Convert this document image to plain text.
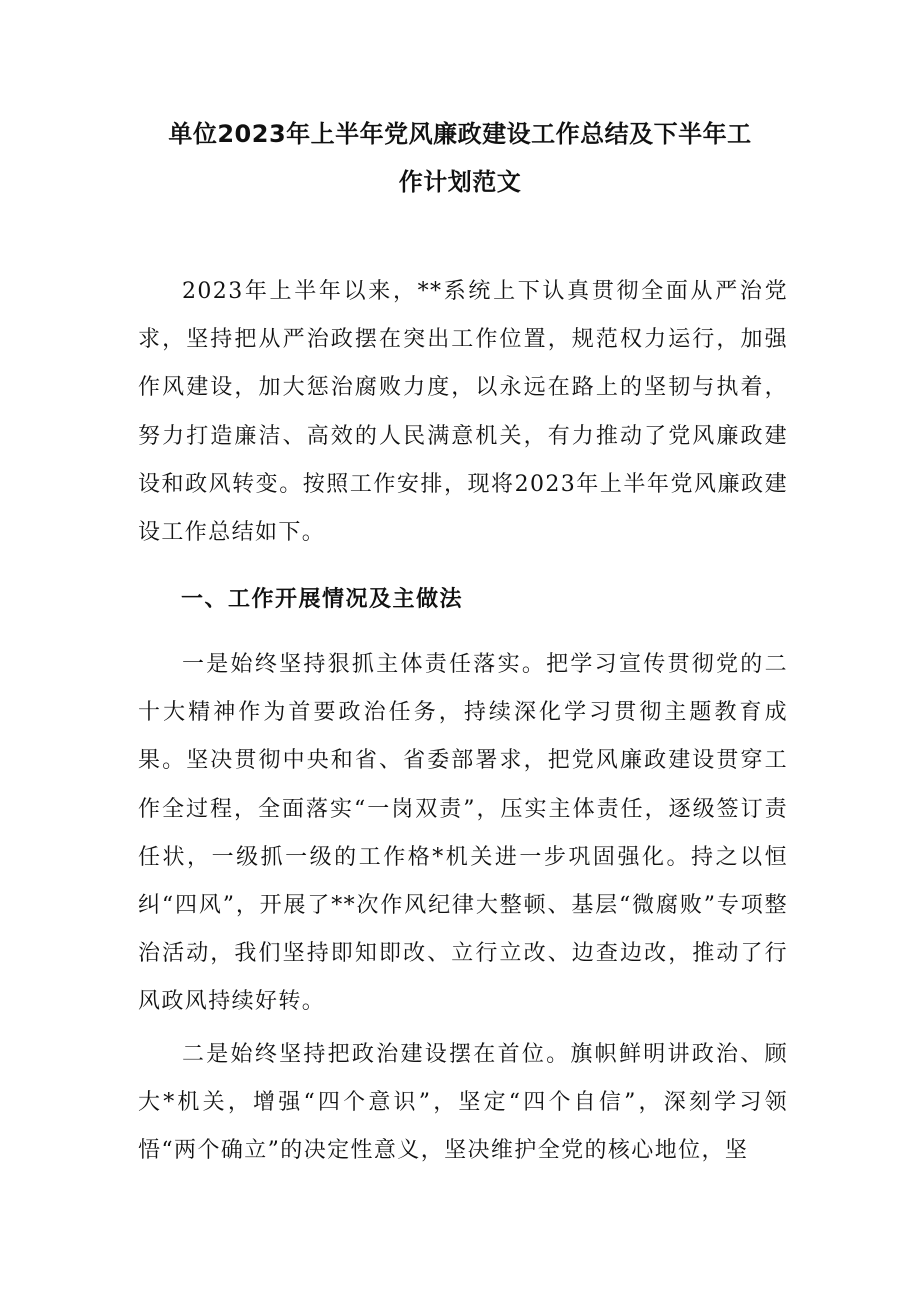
单位2023年上半年党风廉政建设工作总结及下半年工
作计划范文

2023年上半年以来，**系统上下认真贯彻全面从严治党求，坚持把从严治政摆在突出工作位置，规范权力运行，加强作风建设，加大惩治腐败力度，以永远在路上的坚韧与执着，努力打造廉洁、高效的人民满意机关，有力推动了党风廉政建设和政风转变。按照工作安排，现将2023年上半年党风廉政建设工作总结如下。

一、工作开展情况及主做法

一是始终坚持狠抓主体责任落实。把学习宣传贯彻党的二十大精神作为首要政治任务，持续深化学习贯彻主题教育成果。坚决贯彻中央和省、省委部署求，把党风廉政建设贯穿工作全过程，全面落实“一岗双责”，压实主体责任，逐级签订责任状，一级抓一级的工作格*机关进一步巩固强化。持之以恒纠“四风”，开展了**次作风纪律大整顿、基层“微腐败”专项整治活动，我们坚持即知即改、立行立改、边查边改，推动了行风政风持续好转。

二是始终坚持把政治建设摆在首位。旗帜鲜明讲政治、顾大*机关，增强“四个意识”，坚定“四个自信”，深刻学习领悟“两个确立”的决定性意义，坚决维护全党的核心地位，坚
